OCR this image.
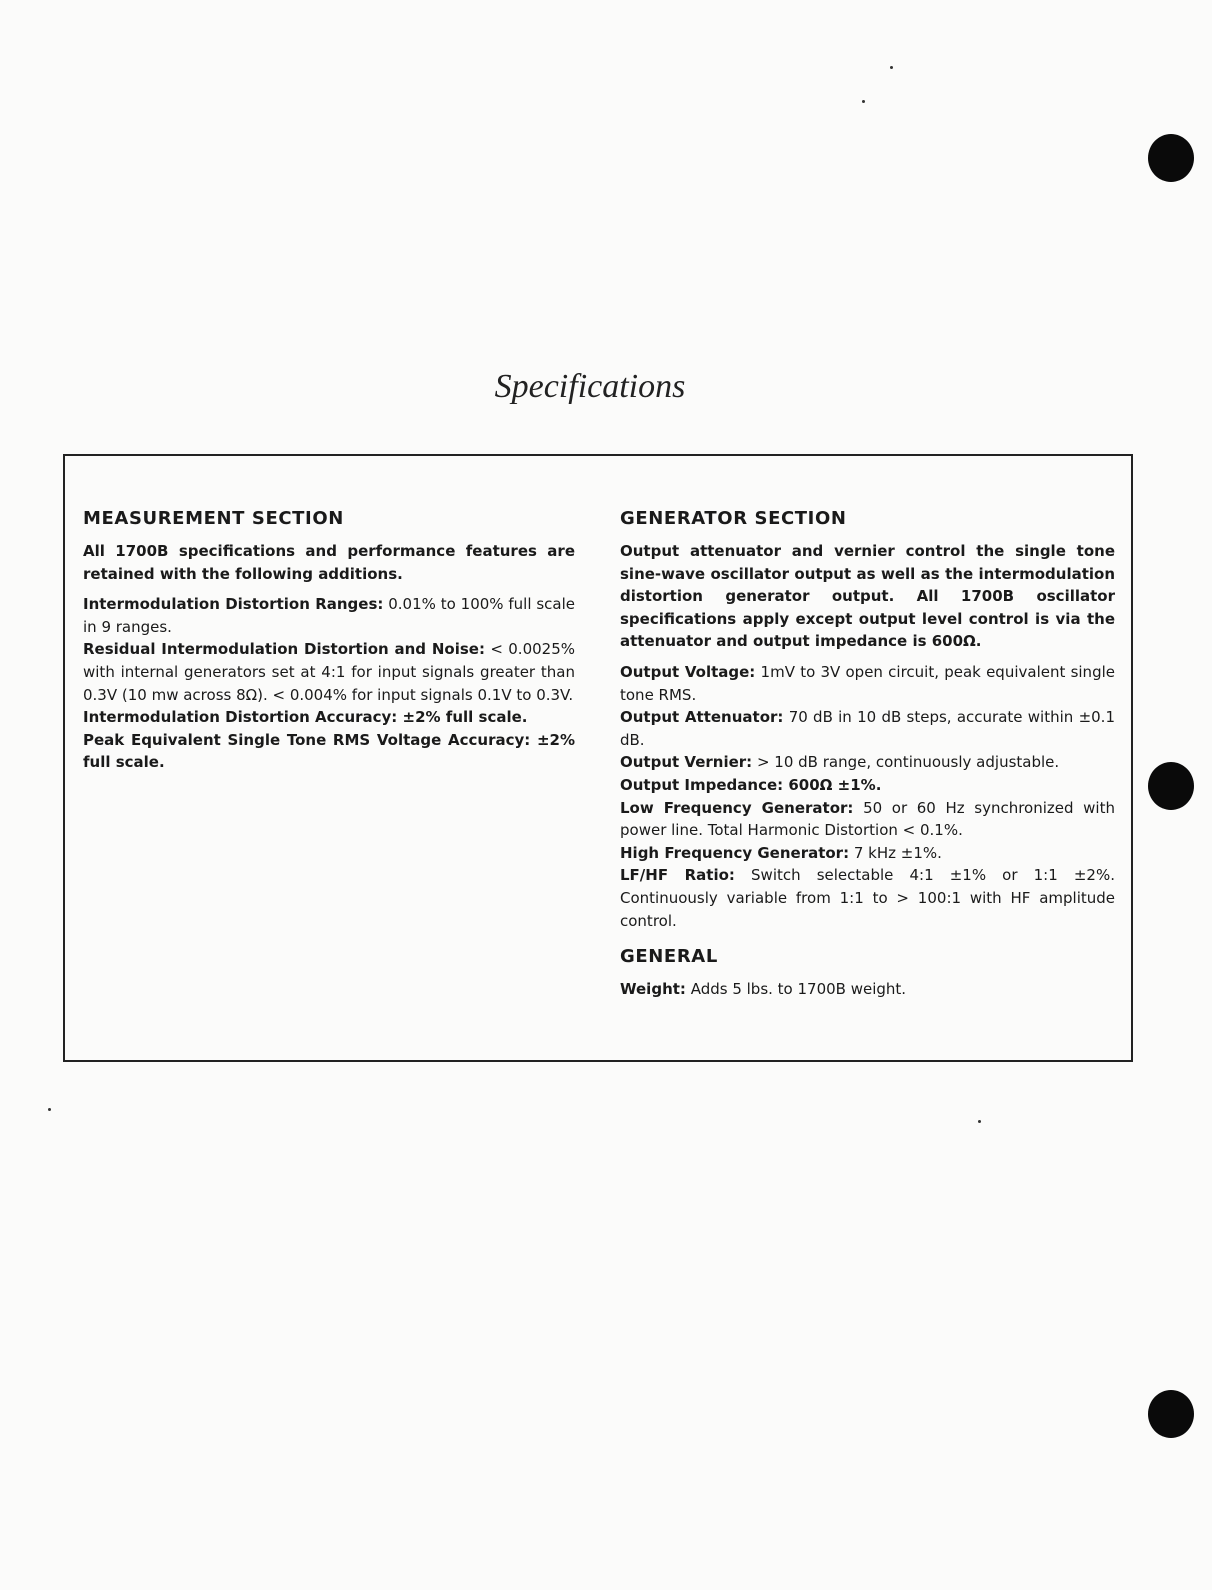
Specifications
MEASUREMENT SECTION

All 1700B specifications and performance features are retained with the following additions.

Intermodulation Distortion Ranges: 0.01% to 100% full scale in 9 ranges.

Residual Intermodulation Distortion and Noise: < 0.0025% with internal generators set at 4:1 for input signals greater than 0.3V (10 mw across 8Ω). < 0.004% for input signals 0.1V to 0.3V.

Intermodulation Distortion Accuracy: ±2% full scale.

Peak Equivalent Single Tone RMS Voltage Accuracy: ±2% full scale.

GENERATOR SECTION

Output attenuator and vernier control the single tone sine-wave oscillator output as well as the intermodulation distortion generator output. All 1700B oscillator specifications apply except output level control is via the attenuator and output impedance is 600Ω.

Output Voltage: 1mV to 3V open circuit, peak equivalent single tone RMS.

Output Attenuator: 70 dB in 10 dB steps, accurate within ±0.1 dB.

Output Vernier: > 10 dB range, continuously adjustable.

Output Impedance: 600Ω ±1%.

Low Frequency Generator: 50 or 60 Hz synchronized with power line. Total Harmonic Distortion < 0.1%.

High Frequency Generator: 7 kHz ±1%.

LF/HF Ratio: Switch selectable 4:1 ±1% or 1:1 ±2%. Continuously variable from 1:1 to > 100:1 with HF amplitude control.

GENERAL

Weight: Adds 5 lbs. to 1700B weight.
